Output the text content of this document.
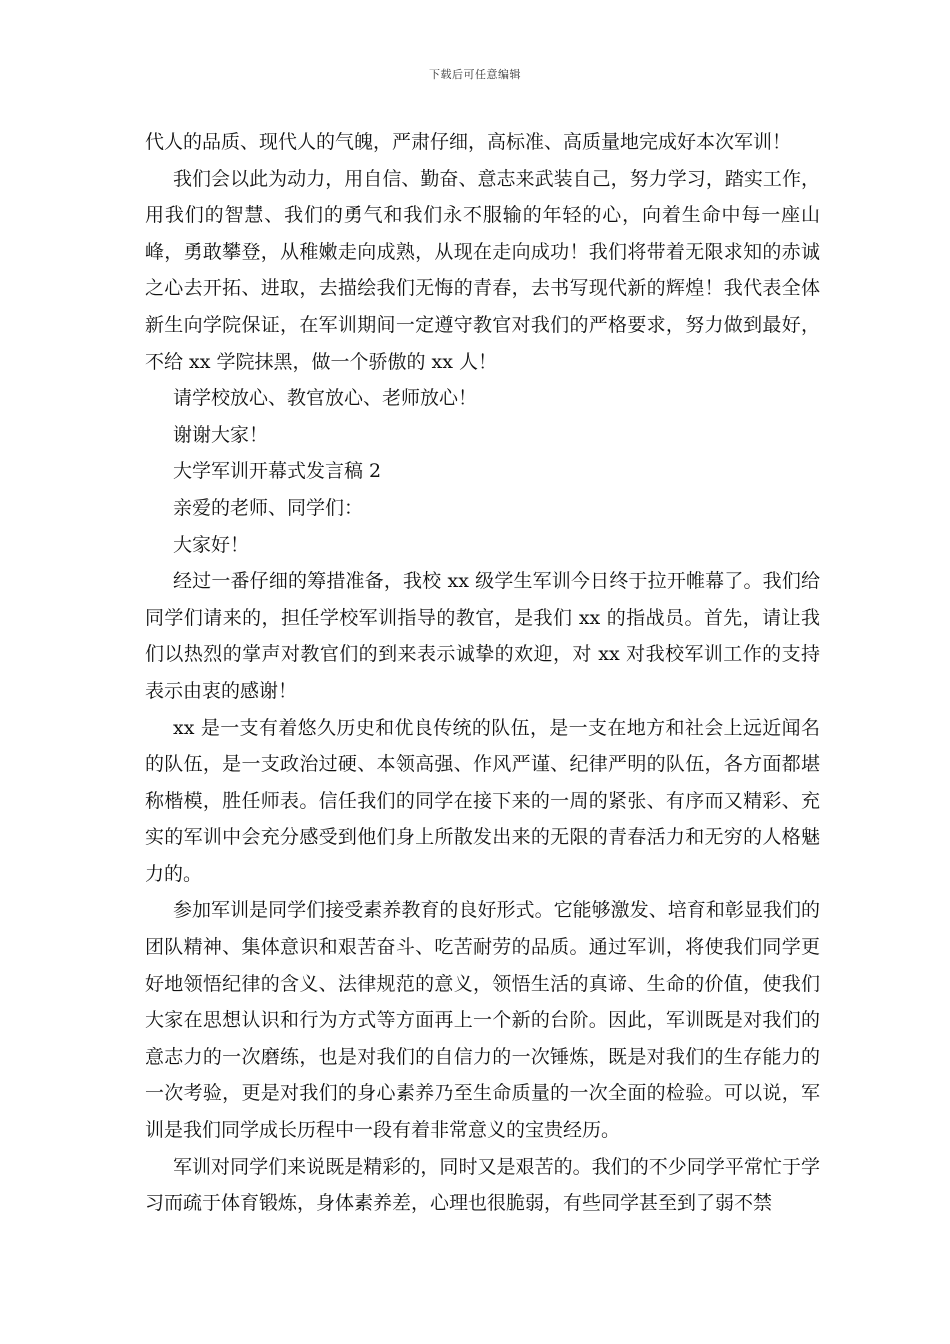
下载后可任意编辑

代人的品质、现代人的气魄，严肃仔细，高标准、高质量地完成好本次军训！

我们会以此为动力，用自信、勤奋、意志来武装自己，努力学习，踏实工作，用我们的智慧、我们的勇气和我们永不服输的年轻的心，向着生命中每一座山峰，勇敢攀登，从稚嫩走向成熟，从现在走向成功！我们将带着无限求知的赤诚之心去开拓、进取，去描绘我们无悔的青春，去书写现代新的辉煌！我代表全体新生向学院保证，在军训期间一定遵守教官对我们的严格要求，努力做到最好，不给 xx 学院抹黑，做一个骄傲的 xx 人！

请学校放心、教官放心、老师放心！

谢谢大家！

大学军训开幕式发言稿 2

亲爱的老师、同学们：

大家好！

经过一番仔细的筹措准备，我校 xx 级学生军训今日终于拉开帷幕了。我们给同学们请来的，担任学校军训指导的教官，是我们 xx 的指战员。首先，请让我们以热烈的掌声对教官们的到来表示诚挚的欢迎，对 xx 对我校军训工作的支持表示由衷的感谢！

xx 是一支有着悠久历史和优良传统的队伍，是一支在地方和社会上远近闻名的队伍，是一支政治过硬、本领高强、作风严谨、纪律严明的队伍，各方面都堪称楷模，胜任师表。信任我们的同学在接下来的一周的紧张、有序而又精彩、充实的军训中会充分感受到他们身上所散发出来的无限的青春活力和无穷的人格魅力的。

参加军训是同学们接受素养教育的良好形式。它能够激发、培育和彰显我们的团队精神、集体意识和艰苦奋斗、吃苦耐劳的品质。通过军训，将使我们同学更好地领悟纪律的含义、法律规范的意义，领悟生活的真谛、生命的价值，使我们大家在思想认识和行为方式等方面再上一个新的台阶。因此，军训既是对我们的意志力的一次磨练，也是对我们的自信力的一次锤炼，既是对我们的生存能力的一次考验，更是对我们的身心素养乃至生命质量的一次全面的检验。可以说，军训是我们同学成长历程中一段有着非常意义的宝贵经历。

军训对同学们来说既是精彩的，同时又是艰苦的。我们的不少同学平常忙于学习而疏于体育锻炼，身体素养差，心理也很脆弱，有些同学甚至到了弱不禁
